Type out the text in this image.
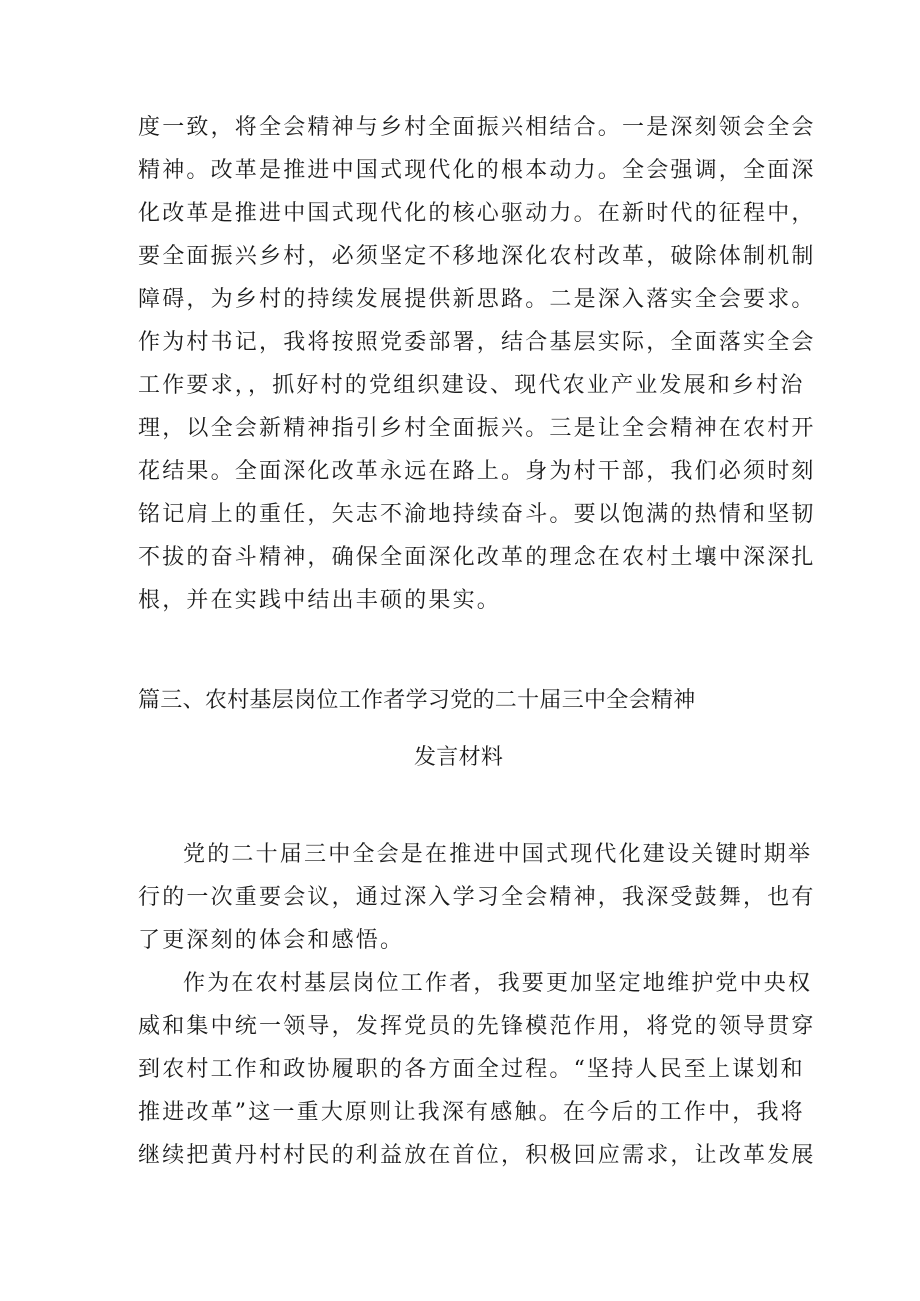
度一致，将全会精神与乡村全面振兴相结合。一是深刻领会全会
精神。改革是推进中国式现代化的根本动力。全会强调，全面深
化改革是推进中国式现代化的核心驱动力。在新时代的征程中，
要全面振兴乡村，必须坚定不移地深化农村改革，破除体制机制
障碍，为乡村的持续发展提供新思路。二是深入落实全会要求。
作为村书记，我将按照党委部署，结合基层实际，全面落实全会
工作要求，，抓好村的党组织建设、现代农业产业发展和乡村治
理，以全会新精神指引乡村全面振兴。三是让全会精神在农村开
花结果。全面深化改革永远在路上。身为村干部，我们必须时刻
铭记肩上的重任，矢志不渝地持续奋斗。要以饱满的热情和坚韧
不拔的奋斗精神，确保全面深化改革的理念在农村土壤中深深扎
根，并在实践中结出丰硕的果实。
篇三、农村基层岗位工作者学习党的二十届三中全会精神
发言材料
党的二十届三中全会是在推进中国式现代化建设关键时期举
行的一次重要会议，通过深入学习全会精神，我深受鼓舞，也有
了更深刻的体会和感悟。
作为在农村基层岗位工作者，我要更加坚定地维护党中央权
威和集中统一领导，发挥党员的先锋模范作用，将党的领导贯穿
到农村工作和政协履职的各方面全过程。“坚持人民至上谋划和
推进改革”这一重大原则让我深有感触。在今后的工作中，我将
继续把黄丹村村民的利益放在首位，积极回应需求，让改革发展
